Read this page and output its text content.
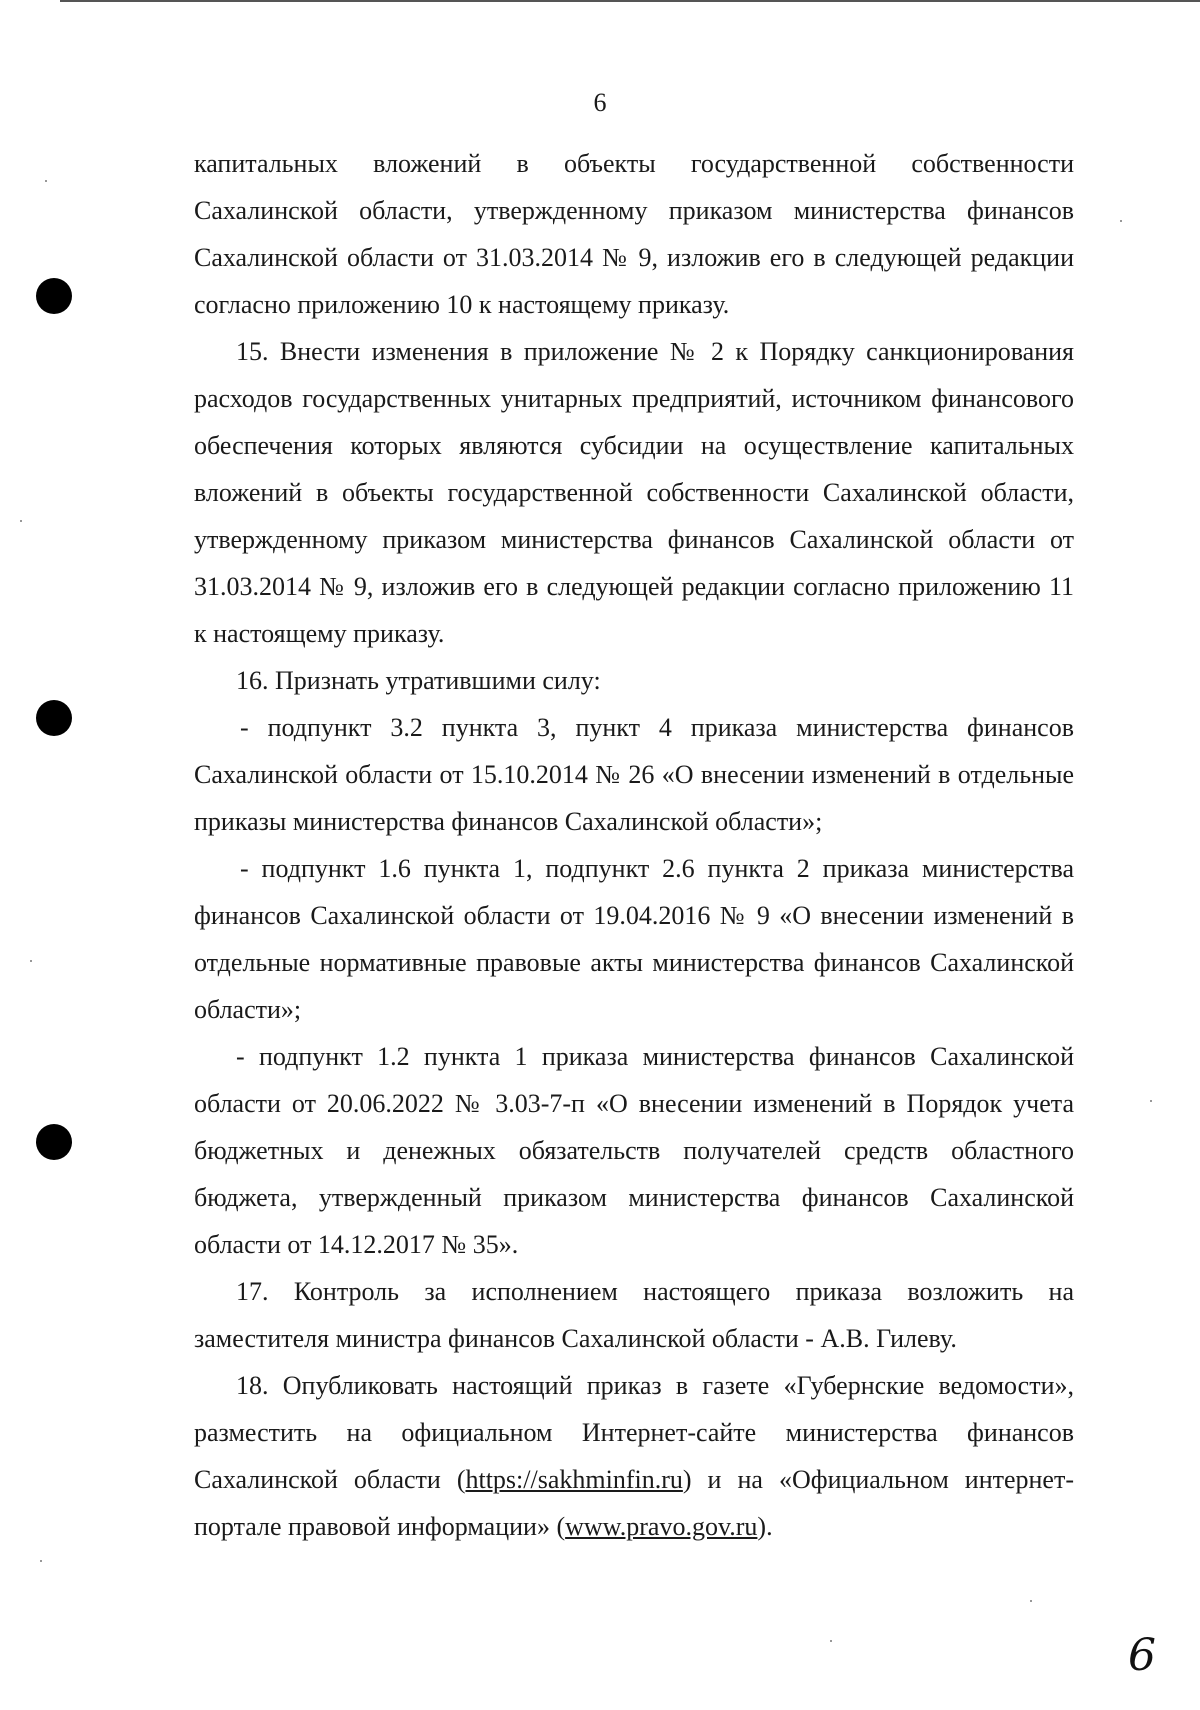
6

капитальных вложений в объекты государственной собственности Сахалинской области, утвержденному приказом министерства финансов Сахалинской области от 31.03.2014 № 9, изложив его в следующей редакции согласно приложению 10 к настоящему приказу.

15. Внести изменения в приложение № 2 к Порядку санкционирования расходов государственных унитарных предприятий, источником финансового обеспечения которых являются субсидии на осуществление капитальных вложений в объекты государственной собственности Сахалинской области, утвержденному приказом министерства финансов Сахалинской области от 31.03.2014 № 9, изложив его в следующей редакции согласно приложению 11 к настоящему приказу.

16. Признать утратившими силу:

- подпункт 3.2 пункта 3, пункт 4 приказа министерства финансов Сахалинской области от 15.10.2014 № 26 «О внесении изменений в отдельные приказы министерства финансов Сахалинской области»;

- подпункт 1.6 пункта 1, подпункт 2.6 пункта 2 приказа министерства финансов Сахалинской области от 19.04.2016 № 9 «О внесении изменений в отдельные нормативные правовые акты министерства финансов Сахалинской области»;

- подпункт 1.2 пункта 1 приказа министерства финансов Сахалинской области от 20.06.2022 № 3.03-7-п «О внесении изменений в Порядок учета бюджетных и денежных обязательств получателей средств областного бюджета, утвержденный приказом министерства финансов Сахалинской области от 14.12.2017 № 35».

17. Контроль за исполнением настоящего приказа возложить на заместителя министра финансов Сахалинской области - А.В. Гилеву.

18. Опубликовать настоящий приказ в газете «Губернские ведомости», разместить на официальном Интернет-сайте министерства финансов Сахалинской области (https://sakhminfin.ru) и на «Официальном интернет-портале правовой информации» (www.pravo.gov.ru).

6
